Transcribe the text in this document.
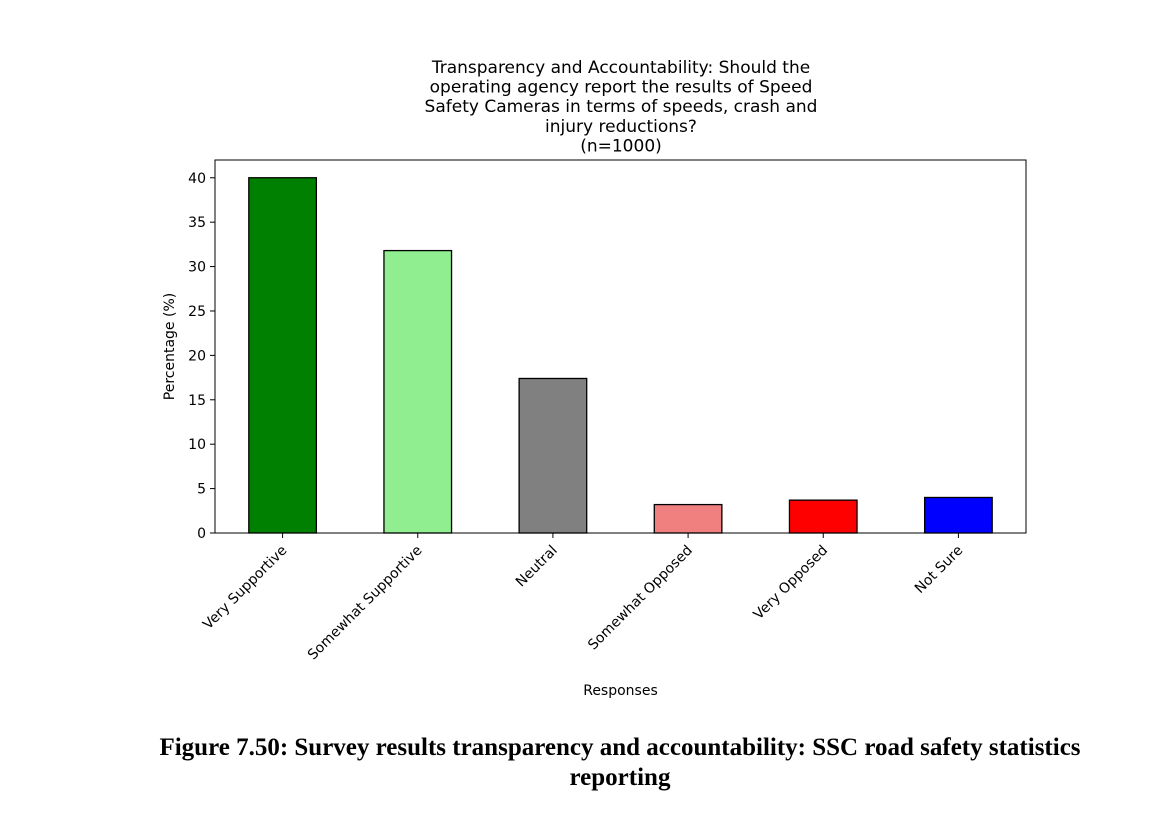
Transparency and Accountability: Should the
operating agency report the results of Speed
Safety Cameras in terms of speeds, crash and
injury reductions?
(n=1000)
0
5
10
15
20
25
30
35
40
Very Supportive Somewhat Supportive	Neutral Somewhat Opposed	Very Opposed	Not Sure
Percentage (%)
Responses
Figure 7.50: Survey results transparency and accountability: SSC road safety statistics
reporting
